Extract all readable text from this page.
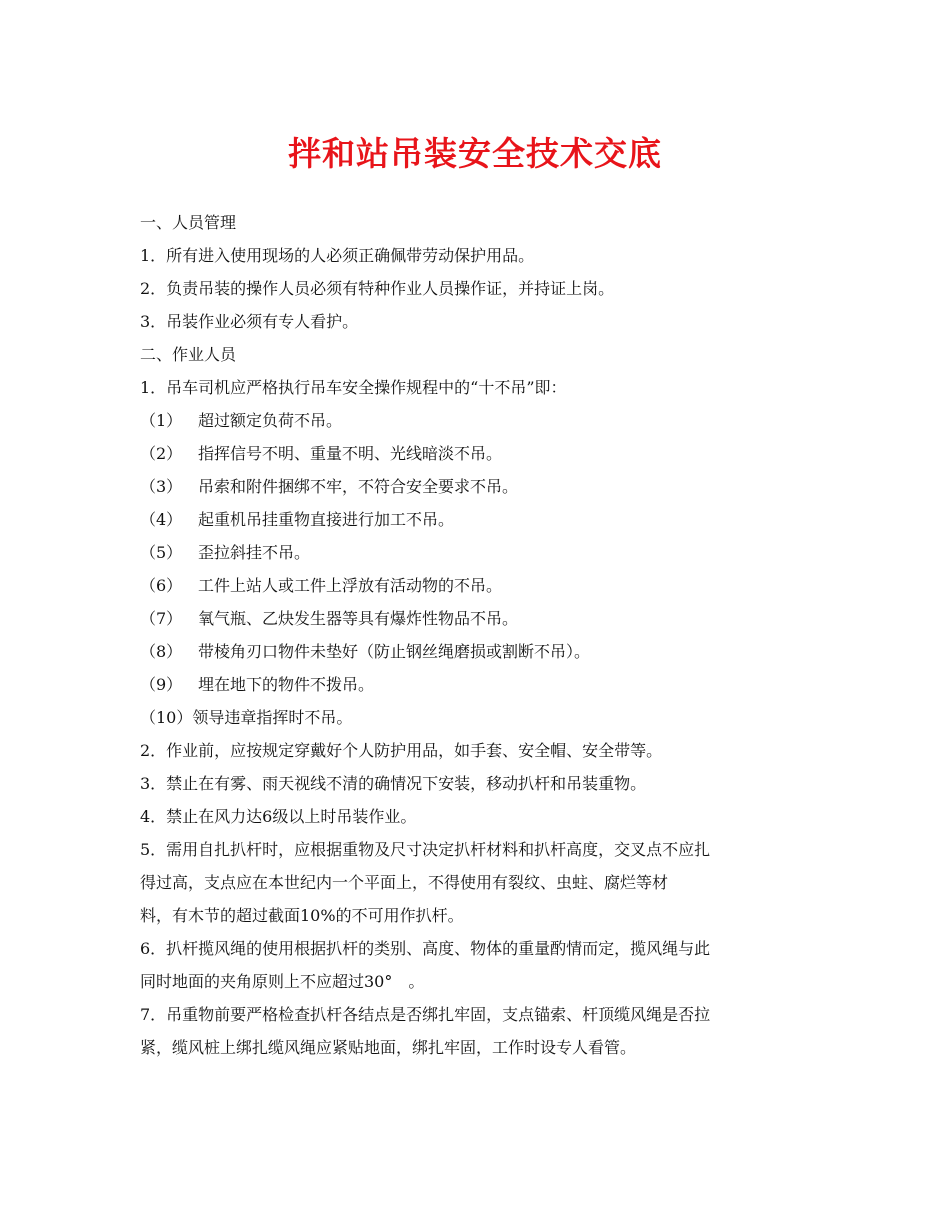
拌和站吊装安全技术交底
一、人员管理
1．所有进入使用现场的人必须正确佩带劳动保护用品。
2．负责吊装的操作人员必须有特种作业人员操作证，并持证上岗。
3．吊装作业必须有专人看护。
二、作业人员
1．吊车司机应严格执行吊车安全操作规程中的“十不吊”即：
（1） 超过额定负荷不吊。
（2） 指挥信号不明、重量不明、光线暗淡不吊。
（3） 吊索和附件捆绑不牢，不符合安全要求不吊。
（4） 起重机吊挂重物直接进行加工不吊。
（5） 歪拉斜挂不吊。
（6） 工件上站人或工件上浮放有活动物的不吊。
（7） 氧气瓶、乙炔发生器等具有爆炸性物品不吊。
（8） 带棱角刃口物件未垫好（防止钢丝绳磨损或割断不吊）。
（9） 埋在地下的物件不拨吊。
（10）领导违章指挥时不吊。
2．作业前，应按规定穿戴好个人防护用品，如手套、安全帽、安全带等。
3．禁止在有雾、雨天视线不清的确情况下安装，移动扒杆和吊装重物。
4．禁止在风力达6级以上时吊装作业。
5．需用自扎扒杆时，应根据重物及尺寸决定扒杆材料和扒杆高度，交叉点不应扎
得过高，支点应在本世纪内一个平面上，不得使用有裂纹、虫蛀、腐烂等材
料，有木节的超过截面10%的不可用作扒杆。
6．扒杆揽风绳的使用根据扒杆的类别、高度、物体的重量酌情而定，揽风绳与此
同时地面的夹角原则上不应超过30°　。
7．吊重物前要严格检查扒杆各结点是否绑扎牢固，支点锚索、杆顶缆风绳是否拉
紧，缆风桩上绑扎缆风绳应紧贴地面，绑扎牢固，工作时设专人看管。
